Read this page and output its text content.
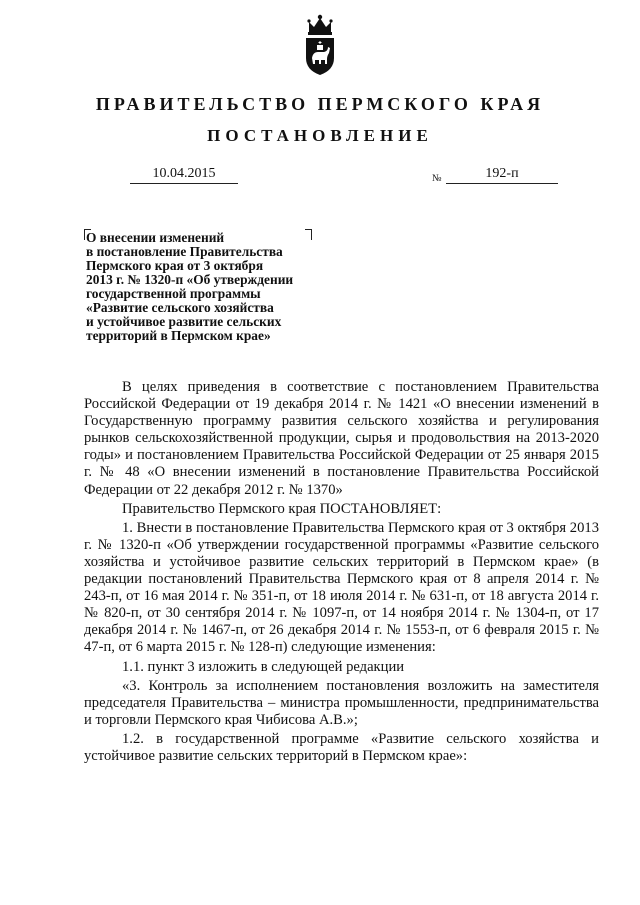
ПРАВИТЕЛЬСТВО ПЕРМСКОГО КРАЯ
ПОСТАНОВЛЕНИЕ
10.04.2015	№	192-п
О внесении изменений
в постановление Правительства
Пермского края от 3 октября
2013 г. № 1320-п «Об утверждении
государственной программы
«Развитие сельского хозяйства
и устойчивое развитие сельских
территорий в Пермском крае»

В целях приведения в соответствие с постановлением Правительства Российской Федерации от 19 декабря 2014 г. № 1421 «О внесении изменений в Государственную программу развития сельского хозяйства и регулирования рынков сельскохозяйственной продукции, сырья и продовольствия на 2013-2020 годы» и постановлением Правительства Российской Федерации от 25 января 2015 г. № 48 «О внесении изменений в постановление Правительства Российской Федерации от 22 декабря 2012 г. № 1370»

Правительство Пермского края ПОСТАНОВЛЯЕТ:

1. Внести в постановление Правительства Пермского края от 3 октября 2013 г. № 1320-п «Об утверждении государственной программы «Развитие сельского хозяйства и устойчивое развитие сельских территорий в Пермском крае» (в редакции постановлений Правительства Пермского края от 8 апреля 2014 г. № 243-п, от 16 мая 2014 г. № 351-п, от 18 июля 2014 г. № 631-п, от 18 августа 2014 г. № 820-п, от 30 сентября 2014 г. № 1097-п, от 14 ноября 2014 г. № 1304-п, от 17 декабря 2014 г. № 1467-п, от 26 декабря 2014 г. № 1553-п, от 6 февраля 2015 г. № 47-п, от 6 марта 2015 г. № 128-п) следующие изменения:

1.1. пункт 3 изложить в следующей редакции

«3. Контроль за исполнением постановления возложить на заместителя председателя Правительства – министра промышленности, предпринимательства и торговли Пермского края Чибисова А.В.»;

1.2. в государственной программе «Развитие сельского хозяйства и устойчивое развитие сельских территорий в Пермском крае»:
